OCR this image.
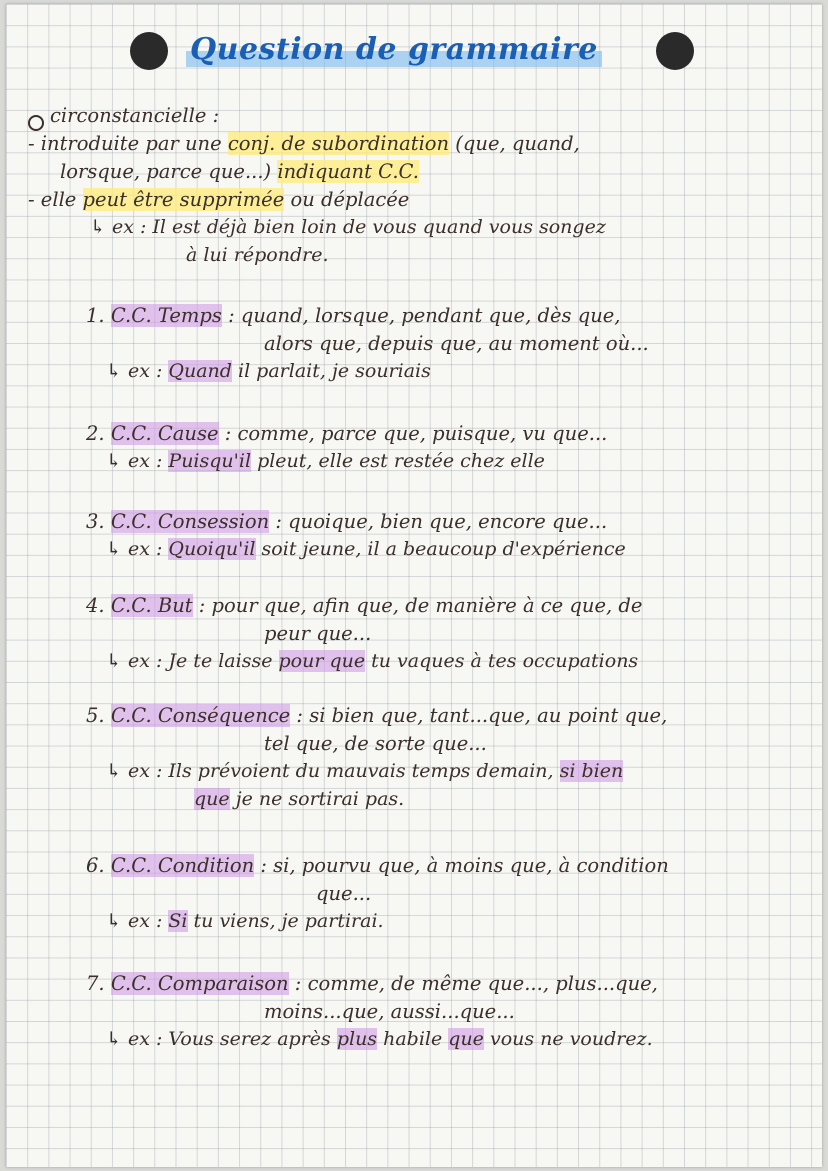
Question de grammaire
circonstancielle :
- introduite par une conj. de subordination (que, quand,
lorsque, parce que...) indiquant C.C.
- elle peut être supprimée ou déplacée
↳ ex : Il est déjà bien loin de vous quand vous songez
à lui répondre.
1. C.C. Temps : quand, lorsque, pendant que, dès que,
alors que, depuis que, au moment où...
↳ ex : Quand il parlait, je souriais
2. C.C. Cause : comme, parce que, puisque, vu que...
↳ ex : Puisqu'il pleut, elle est restée chez elle
3. C.C. Consession : quoique, bien que, encore que...
↳ ex : Quoiqu'il soit jeune, il a beaucoup d'expérience
4. C.C. But : pour que, afin que, de manière à ce que, de
peur que...
↳ ex : Je te laisse pour que tu vaques à tes occupations
5. C.C. Conséquence : si bien que, tant...que, au point que,
tel que, de sorte que...
↳ ex : Ils prévoient du mauvais temps demain, si bien
que je ne sortirai pas.
6. C.C. Condition : si, pourvu que, à moins que, à condition
que...
↳ ex : Si tu viens, je partirai.
7. C.C. Comparaison : comme, de même que..., plus...que,
moins...que, aussi...que...
↳ ex : Vous serez après plus habile que vous ne voudrez.
